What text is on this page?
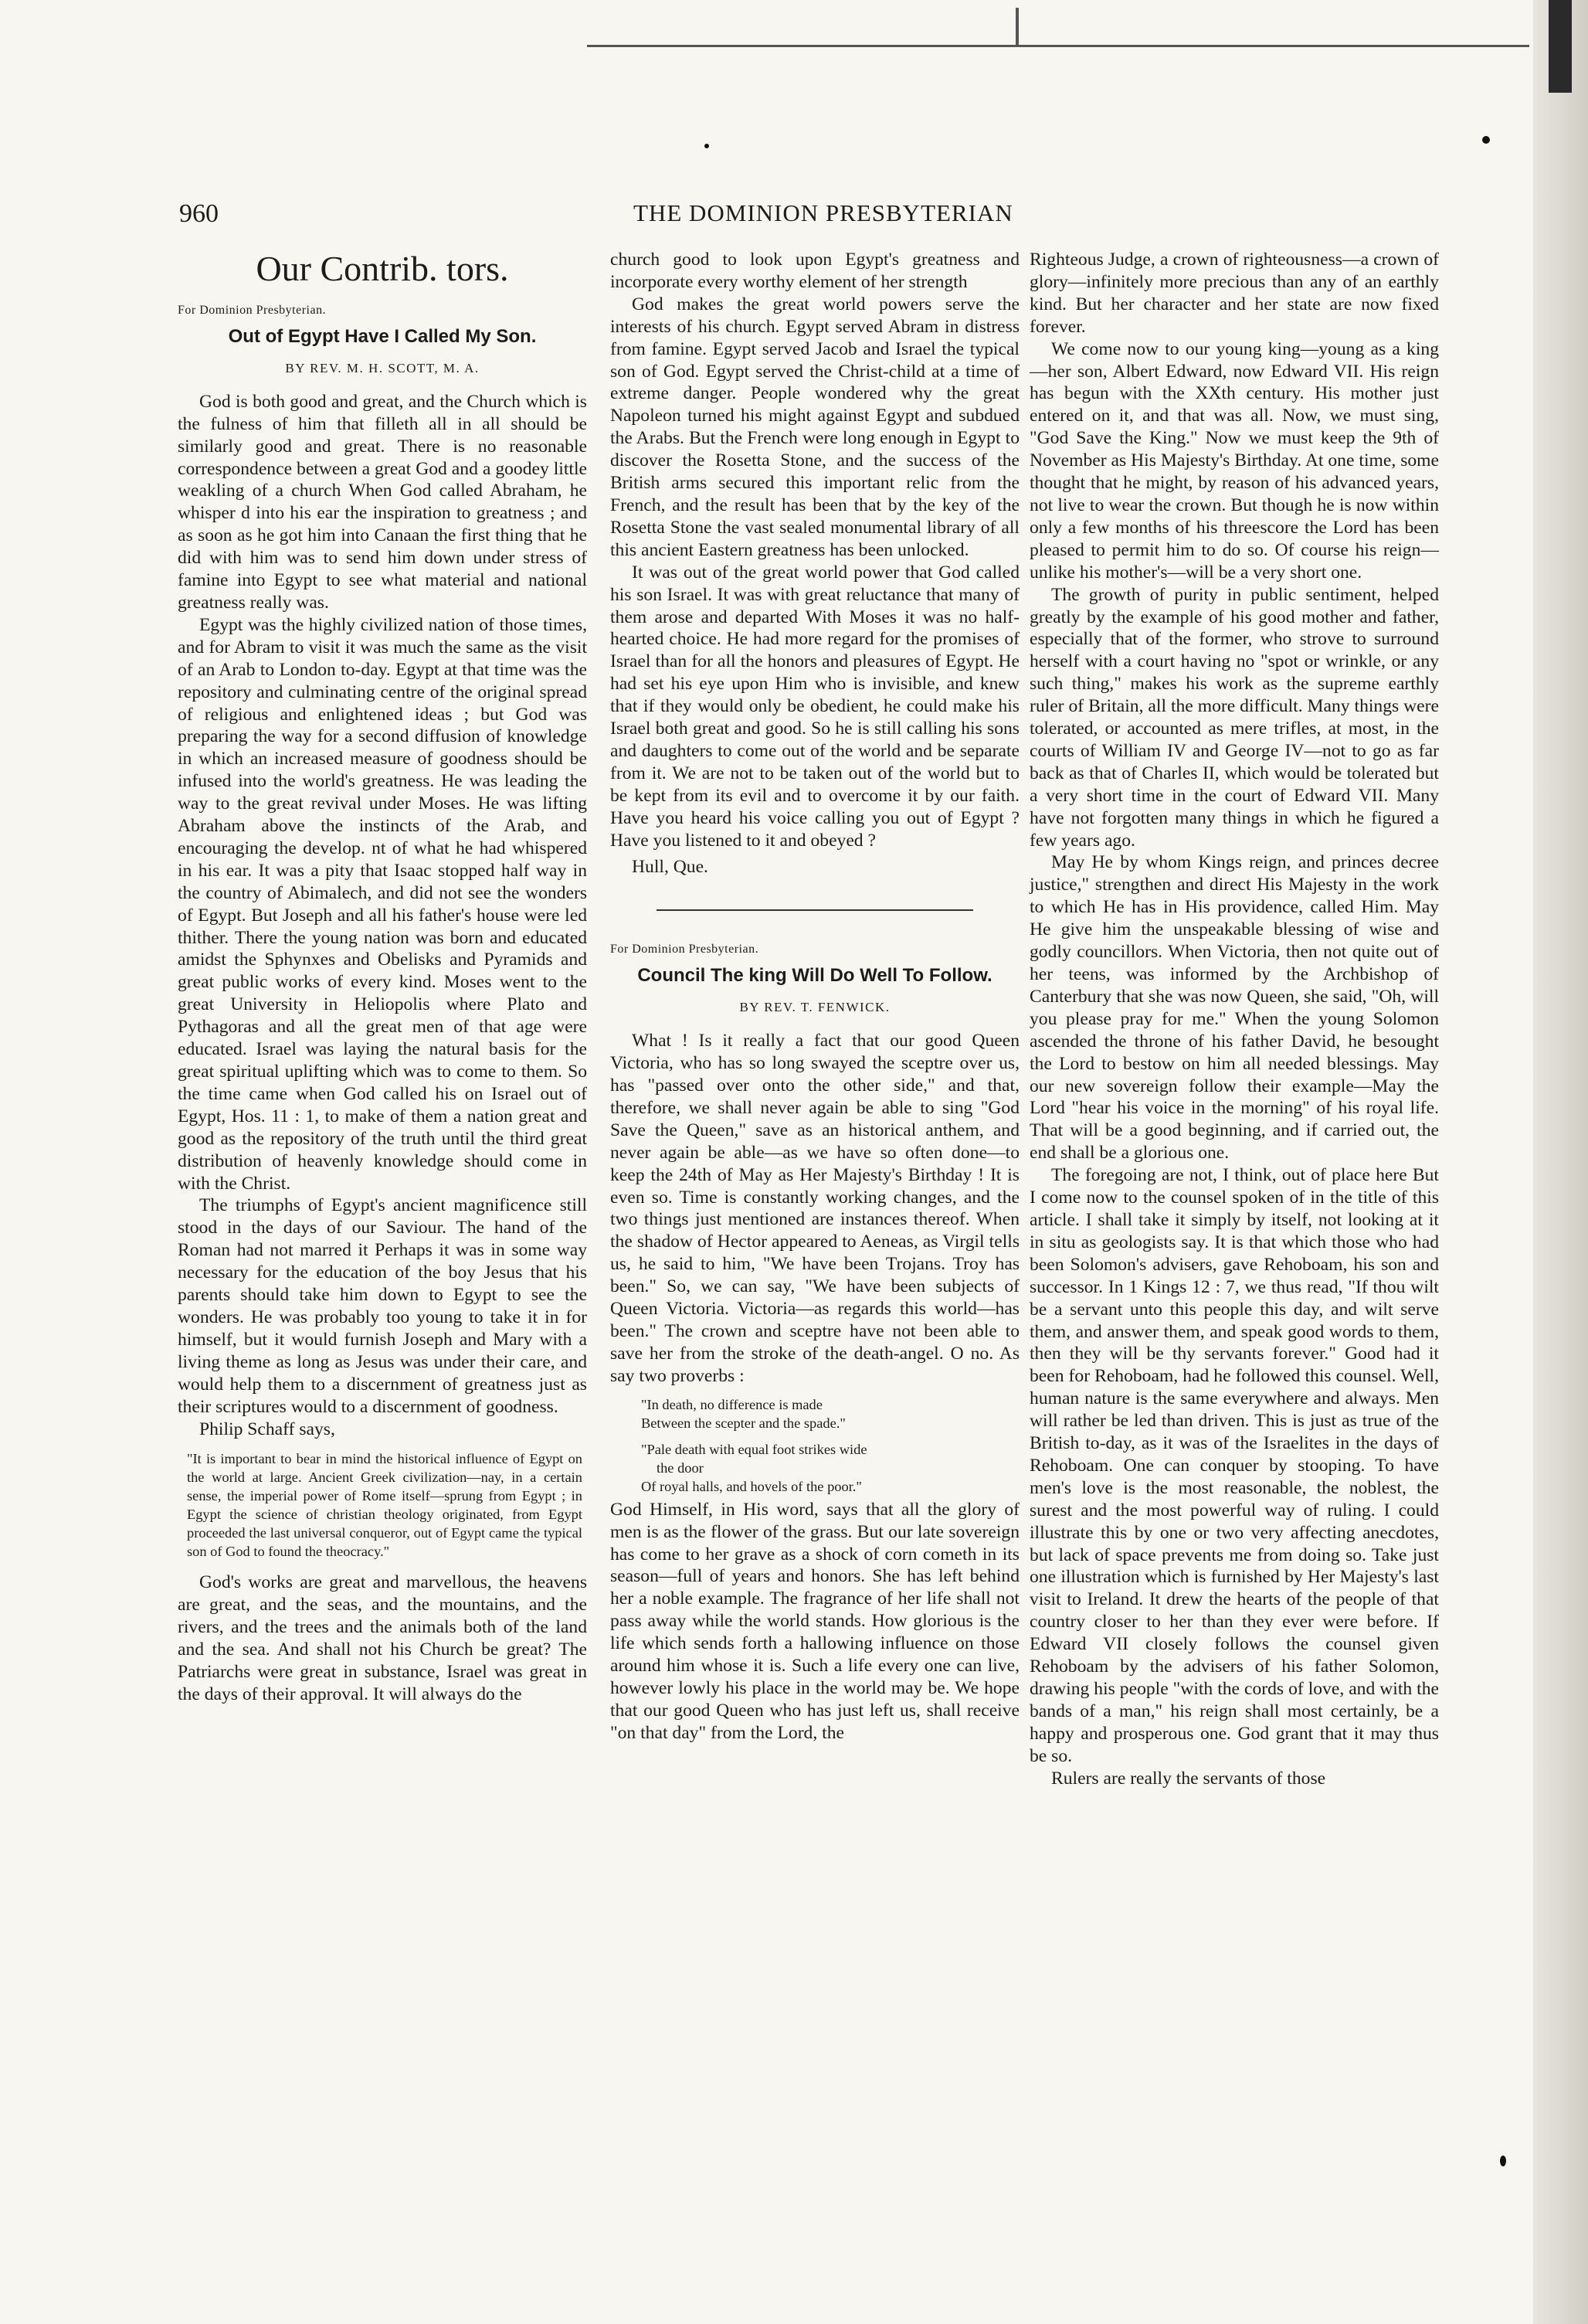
960	THE DOMINION PRESBYTERIAN
Our Contrib. tors.

For Dominion Presbyterian.

Out of Egypt Have I Called My Son.
BY REV. M. H. SCOTT, M. A.

God is both good and great, and the Church which is the fulness of him that filleth all in all should be similarly good and great. There is no reasonable correspondence between a great God and a goodey little weakling of a church When God called Abraham, he whisper d into his ear the inspiration to greatness ; and as soon as he got him into Canaan the first thing that he did with him was to send him down under stress of famine into Egypt to see what material and national greatness really was.

Egypt was the highly civilized nation of those times, and for Abram to visit it was much the same as the visit of an Arab to London to-day. Egypt at that time was the repository and culminating centre of the original spread of religious and enlightened ideas ; but God was preparing the way for a second diffusion of knowledge in which an increased measure of goodness should be infused into the world's greatness. He was leading the way to the great revival under Moses. He was lifting Abraham above the instincts of the Arab, and encouraging the develop. nt of what he had whispered in his ear. It was a pity that Isaac stopped half way in the country of Abimalech, and did not see the wonders of Egypt. But Joseph and all his father's house were led thither. There the young nation was born and educated amidst the Sphynxes and Obelisks and Pyramids and great public works of every kind. Moses went to the great University in Heliopolis where Plato and Pythagoras and all the great men of that age were educated. Israel was laying the natural basis for the great spiritual uplifting which was to come to them. So the time came when God called his on Israel out of Egypt, Hos. 11 : 1, to make of them a nation great and good as the repository of the truth until the third great distribution of heavenly knowledge should come in with the Christ.

The triumphs of Egypt's ancient magnificence still stood in the days of our Saviour. The hand of the Roman had not marred it Perhaps it was in some way necessary for the education of the boy Jesus that his parents should take him down to Egypt to see the wonders. He was probably too young to take it in for himself, but it would furnish Joseph and Mary with a living theme as long as Jesus was under their care, and would help them to a discernment of greatness just as their scriptures would to a discernment of goodness.

Philip Schaff says,

"It is important to bear in mind the historical influence of Egypt on the world at large. Ancient Greek civilization—nay, in a certain sense, the imperial power of Rome itself—sprung from Egypt ; in Egypt the science of christian theology originated, from Egypt proceeded the last universal conqueror, out of Egypt came the typical son of God to found the theocracy."

God's works are great and marvellous, the heavens are great, and the seas, and the mountains, and the rivers, and the trees and the animals both of the land and the sea. And shall not his Church be great? The Patriarchs were great in substance, Israel was great in the days of their approval. It will always do the

church good to look upon Egypt's greatness and incorporate every worthy element of her strength

God makes the great world powers serve the interests of his church. Egypt served Abram in distress from famine. Egypt served Jacob and Israel the typical son of God. Egypt served the Christ-child at a time of extreme danger. People wondered why the great Napoleon turned his might against Egypt and subdued the Arabs. But the French were long enough in Egypt to discover the Rosetta Stone, and the success of the British arms secured this important relic from the French, and the result has been that by the key of the Rosetta Stone the vast sealed monumental library of all this ancient Eastern greatness has been unlocked.

It was out of the great world power that God called his son Israel. It was with great reluctance that many of them arose and departed With Moses it was no half-hearted choice. He had more regard for the promises of Israel than for all the honors and pleasures of Egypt. He had set his eye upon Him who is invisible, and knew that if they would only be obedient, he could make his Israel both great and good. So he is still calling his sons and daughters to come out of the world and be separate from it. We are not to be taken out of the world but to be kept from its evil and to overcome it by our faith. Have you heard his voice calling you out of Egypt ? Have you listened to it and obeyed ?

Hull, Que.

For Dominion Presbyterian.

Council The king Will Do Well To Follow.
BY REV. T. FENWICK.

What ! Is it really a fact that our good Queen Victoria, who has so long swayed the sceptre over us, has "passed over onto the other side," and that, therefore, we shall never again be able to sing "God Save the Queen," save as an historical anthem, and never again be able—as we have so often done—to keep the 24th of May as Her Majesty's Birthday ! It is even so. Time is constantly working changes, and the two things just mentioned are instances thereof. When the shadow of Hector appeared to Aeneas, as Virgil tells us, he said to him, "We have been Trojans. Troy has been." So, we can say, "We have been subjects of Queen Victoria. Victoria—as regards this world—has been." The crown and sceptre have not been able to save her from the stroke of the death-angel. O no. As say two proverbs :

"In death, no difference is made
Between the scepter and the spade."
"Pale death with equal foot strikes wide
the door
Of royal halls, and hovels of the poor."

God Himself, in His word, says that all the glory of men is as the flower of the grass. But our late sovereign has come to her grave as a shock of corn cometh in its season—full of years and honors. She has left behind her a noble example. The fragrance of her life shall not pass away while the world stands. How glorious is the life which sends forth a hallowing influence on those around him whose it is. Such a life every one can live, however lowly his place in the world may be. We hope that our good Queen who has just left us, shall receive "on that day" from the Lord, the

Righteous Judge, a crown of righteousness—a crown of glory—infinitely more precious than any of an earthly kind. But her character and her state are now fixed forever.

We come now to our young king—young as a king—her son, Albert Edward, now Edward VII. His reign has begun with the XXth century. His mother just entered on it, and that was all. Now, we must sing, "God Save the King." Now we must keep the 9th of November as His Majesty's Birthday. At one time, some thought that he might, by reason of his advanced years, not live to wear the crown. But though he is now within only a few months of his threescore the Lord has been pleased to permit him to do so. Of course his reign—unlike his mother's—will be a very short one.

The growth of purity in public sentiment, helped greatly by the example of his good mother and father, especially that of the former, who strove to surround herself with a court having no "spot or wrinkle, or any such thing," makes his work as the supreme earthly ruler of Britain, all the more difficult. Many things were tolerated, or accounted as mere trifles, at most, in the courts of William IV and George IV—not to go as far back as that of Charles II, which would be tolerated but a very short time in the court of Edward VII. Many have not forgotten many things in which he figured a few years ago.

May He by whom Kings reign, and princes decree justice," strengthen and direct His Majesty in the work to which He has in His providence, called Him. May He give him the unspeakable blessing of wise and godly councillors. When Victoria, then not quite out of her teens, was informed by the Archbishop of Canterbury that she was now Queen, she said, "Oh, will you please pray for me." When the young Solomon ascended the throne of his father David, he besought the Lord to bestow on him all needed blessings. May our new sovereign follow their example—May the Lord "hear his voice in the morning" of his royal life. That will be a good beginning, and if carried out, the end shall be a glorious one.

The foregoing are not, I think, out of place here But I come now to the counsel spoken of in the title of this article. I shall take it simply by itself, not looking at it in situ as geologists say. It is that which those who had been Solomon's advisers, gave Rehoboam, his son and successor. In 1 Kings 12 : 7, we thus read, "If thou wilt be a servant unto this people this day, and wilt serve them, and answer them, and speak good words to them, then they will be thy servants forever." Good had it been for Rehoboam, had he followed this counsel. Well, human nature is the same everywhere and always. Men will rather be led than driven. This is just as true of the British to-day, as it was of the Israelites in the days of Rehoboam. One can conquer by stooping. To have men's love is the most reasonable, the noblest, the surest and the most powerful way of ruling. I could illustrate this by one or two very affecting anecdotes, but lack of space prevents me from doing so. Take just one illustration which is furnished by Her Majesty's last visit to Ireland. It drew the hearts of the people of that country closer to her than they ever were before. If Edward VII closely follows the counsel given Rehoboam by the advisers of his father Solomon, drawing his people "with the cords of love, and with the bands of a man," his reign shall most certainly, be a happy and prosperous one. God grant that it may thus be so.

Rulers are really the servants of those
